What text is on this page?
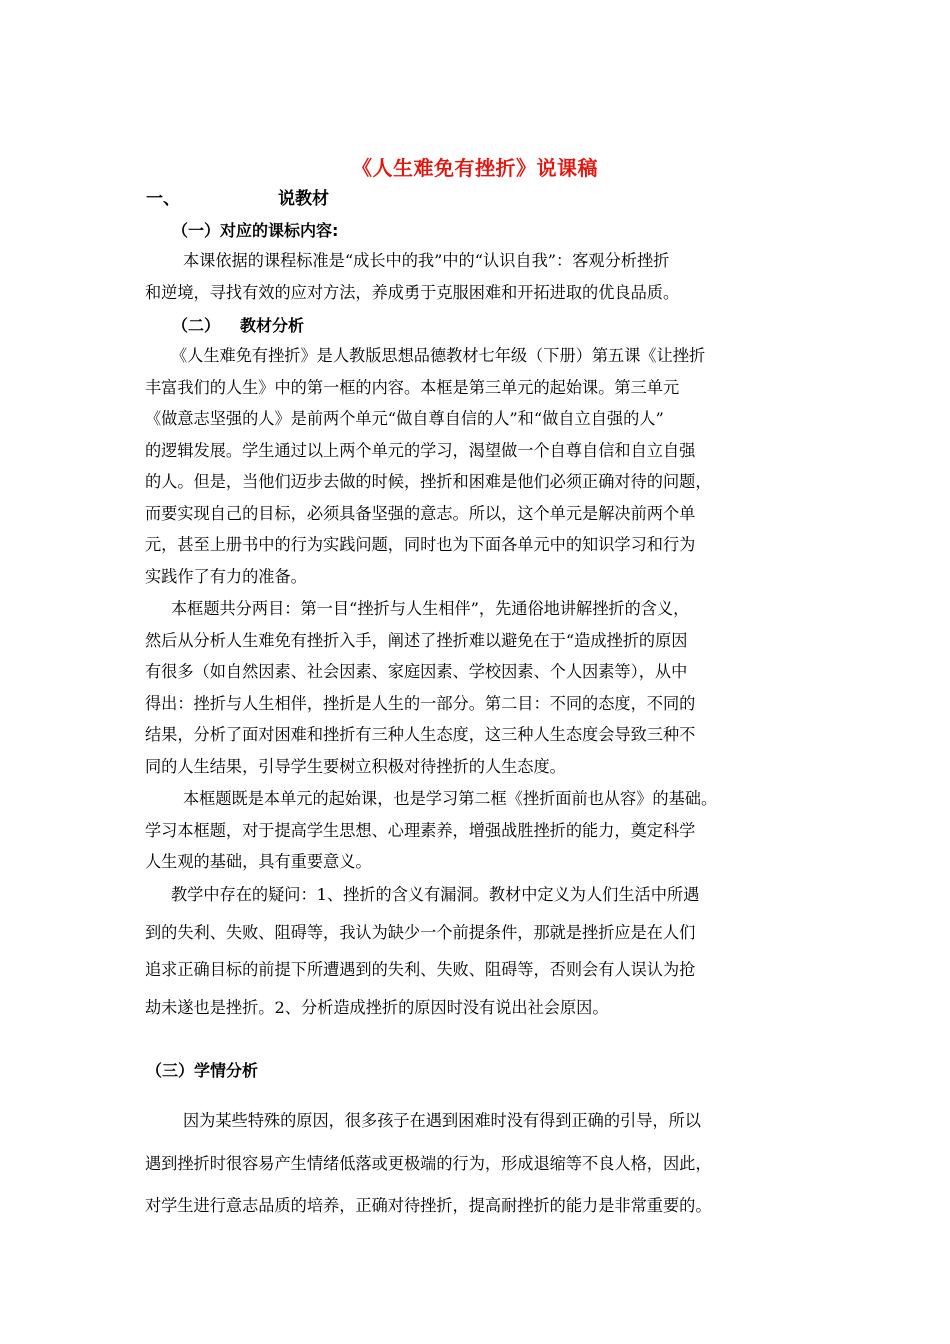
《人生难免有挫折》说课稿
一、	说教材
（一）对应的课标内容:
本课依据的课程标准是“成长中的我”中的“认识自我”：客观分析挫折
和逆境，寻找有效的应对方法，养成勇于克服困难和开拓进取的优良品质。
（二） 教材分析
《人生难免有挫折》是人教版思想品德教材七年级（下册）第五课《让挫折
丰富我们的人生》中的第一框的内容。本框是第三单元的起始课。第三单元
《做意志坚强的人》是前两个单元“做自尊自信的人”和“做自立自强的人”
的逻辑发展。学生通过以上两个单元的学习，渴望做一个自尊自信和自立自强
的人。但是，当他们迈步去做的时候，挫折和困难是他们必须正确对待的问题，
而要实现自己的目标，必须具备坚强的意志。所以，这个单元是解决前两个单
元，甚至上册书中的行为实践问题，同时也为下面各单元中的知识学习和行为
实践作了有力的准备。
本框题共分两目：第一目“挫折与人生相伴”，先通俗地讲解挫折的含义，
然后从分析人生难免有挫折入手，阐述了挫折难以避免在于“造成挫折的原因
有很多（如自然因素、社会因素、家庭因素、学校因素、个人因素等），从中
得出：挫折与人生相伴，挫折是人生的一部分。第二目：不同的态度，不同的
结果，分析了面对困难和挫折有三种人生态度，这三种人生态度会导致三种不
同的人生结果，引导学生要树立积极对待挫折的人生态度。
本框题既是本单元的起始课，也是学习第二框《挫折面前也从容》的基础。
学习本框题，对于提高学生思想、心理素养，增强战胜挫折的能力，奠定科学
人生观的基础，具有重要意义。
教学中存在的疑问：1、挫折的含义有漏洞。教材中定义为人们生活中所遇
到的失利、失败、阻碍等，我认为缺少一个前提条件，那就是挫折应是在人们
追求正确目标的前提下所遭遇到的失利、失败、阻碍等，否则会有人误认为抢
劫未遂也是挫折。2、分析造成挫折的原因时没有说出社会原因。
（三）学情分析
因为某些特殊的原因，很多孩子在遇到困难时没有得到正确的引导，所以
遇到挫折时很容易产生情绪低落或更极端的行为，形成退缩等不良人格，因此，
对学生进行意志品质的培养，正确对待挫折，提高耐挫折的能力是非常重要的。
